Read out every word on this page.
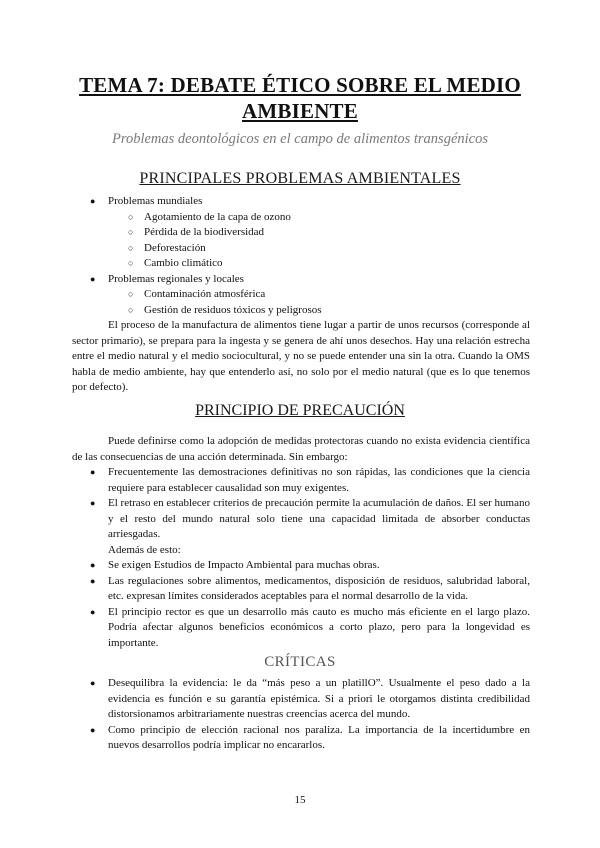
TEMA 7: DEBATE ÉTICO SOBRE EL MEDIO AMBIENTE
Problemas deontológicos en el campo de alimentos transgénicos
PRINCIPALES PROBLEMAS AMBIENTALES
● Problemas mundiales
○ Agotamiento de la capa de ozono
○ Pérdida de la biodiversidad
○ Deforestación
○ Cambio climático
● Problemas regionales y locales
○ Contaminación atmosférica
○ Gestión de residuos tóxicos y peligrosos

El proceso de la manufactura de alimentos tiene lugar a partir de unos recursos (corresponde al sector primario), se prepara para la ingesta y se genera de ahí unos desechos. Hay una relación estrecha entre el medio natural y el medio sociocultural, y no se puede entender una sin la otra. Cuando la OMS habla de medio ambiente, hay que entenderlo así, no solo por el medio natural (que es lo que tenemos por defecto).

PRINCIPIO DE PRECAUCIÓN

Puede definirse como la adopción de medidas protectoras cuando no exista evidencia científica de las consecuencias de una acción determinada. Sin embargo:

● Frecuentemente las demostraciones definitivas no son rápidas, las condiciones que la ciencia requiere para establecer causalidad son muy exigentes.
● El retraso en establecer criterios de precaución permite la acumulación de daños. El ser humano y el resto del mundo natural solo tiene una capacidad limitada de absorber conductas arriesgadas.
Además de esto:
● Se exigen Estudios de Impacto Ambiental para muchas obras.
● Las regulaciones sobre alimentos, medicamentos, disposición de residuos, salubridad laboral, etc. expresan límites considerados aceptables para el normal desarrollo de la vida.
● El principio rector es que un desarrollo más cauto es mucho más eficiente en el largo plazo. Podría afectar algunos beneficios económicos a corto plazo, pero para la longevidad es importante.
CRÍTICAS
● Desequilibra la evidencia: le da “más peso a un platillO”. Usualmente el peso dado a la evidencia es función e su garantía epistémica. Si a priori le otorgamos distinta credibilidad distorsionamos arbitrariamente nuestras creencias acerca del mundo.
● Como principio de elección racional nos paraliza. La importancia de la incertidumbre en nuevos desarrollos podría implicar no encararlos.
15
